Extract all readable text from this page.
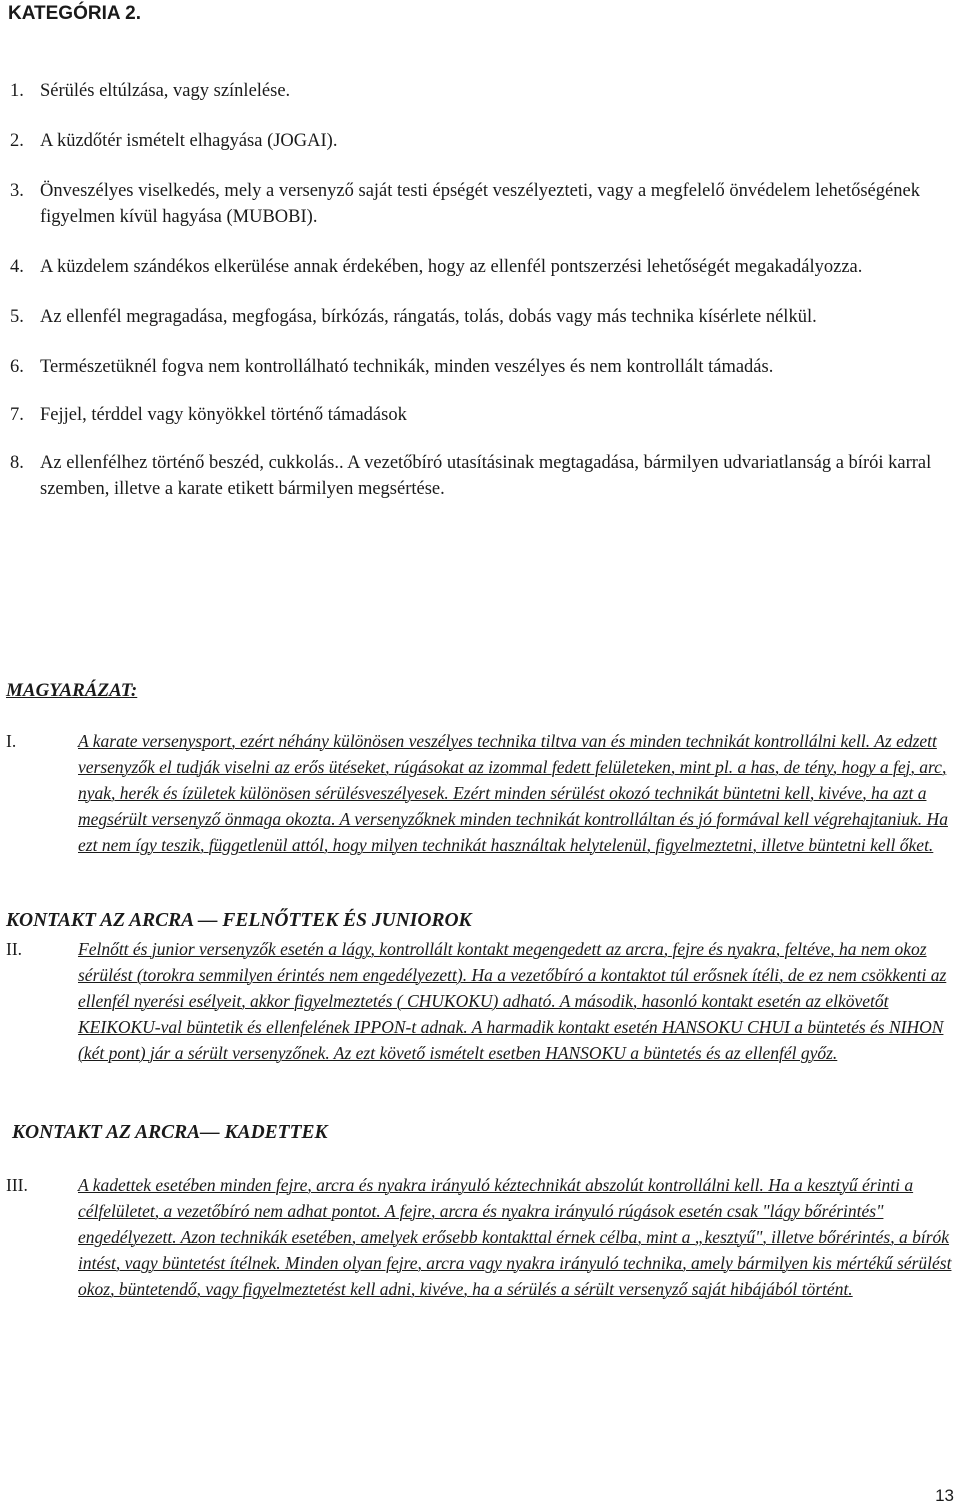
KATEGÓRIA 2.
1. Sérülés eltúlzása, vagy színlelése.
2. A küzdőtér ismételt elhagyása (JOGAI).
3. Önveszélyes viselkedés, mely a versenyző saját testi épségét veszélyezteti, vagy a megfelelő önvédelem lehetőségének figyelmen kívül hagyása (MUBOBI).
4. A küzdelem szándékos elkerülése annak érdekében, hogy az ellenfél pontszerzési lehetőségét megakadályozza.
5. Az ellenfél megragadása, megfogása, bírkózás, rángatás, tolás, dobás vagy más technika kísérlete nélkül.
6. Természetüknél fogva nem kontrollálható technikák, minden veszélyes és nem kontrollált támadás.
7. Fejjel, térddel vagy könyökkel történő támadások
8. Az ellenfélhez történő beszéd, cukkolás.. A vezetőbíró utasításinak megtagadása, bármilyen udvariatlanság a bírói karral szemben, illetve a karate etikett bármilyen megsértése.
MAGYARÁZAT:
I.	A karate versenysport, ezért néhány különösen veszélyes technika tiltva van és minden technikát kontrollálni kell. Az edzett versenyzők el tudják viselni az erős ütéseket, rúgásokat az izommal fedett felületeken, mint pl. a has, de tény, hogy a fej, arc, nyak, herék és ízületek különösen sérülésveszélyesek. Ezért minden sérülést okozó technikát büntetni kell, kivéve, ha azt a megsérült versenyző önmaga okozta. A versenyzőknek minden technikát kontrolláltan és jó formával kell végrehajtaniuk. Ha ezt nem így teszik, függetlenül attól, hogy milyen technikát használtak helytelenül, figyelmeztetni, illetve büntetni kell őket.
KONTAKT AZ ARCRA — FELNŐTTEK ÉS JUNIOROK
II.	Felnőtt és junior versenyzők esetén a lágy, kontrollált kontakt megengedett az arcra, fejre és nyakra, feltéve, ha nem okoz sérülést (torokra semmilyen érintés nem engedélyezett). Ha a vezetőbíró a kontaktot túl erősnek ítéli, de ez nem csökkenti az ellenfél nyerési esélyeit, akkor figyelmeztetés ( CHUKOKU) adható. A második, hasonló kontakt esetén az elkövetőt KEIKOKU-val büntetik és ellenfelének IPPON-t adnak. A harmadik kontakt esetén HANSOKU CHUI a büntetés és NIHON (két pont) jár a sérült versenyzőnek. Az ezt követő ismételt esetben HANSOKU a büntetés és az ellenfél győz.
KONTAKT AZ ARCRA— KADETTEK
III.	A kadettek esetében minden fejre, arcra és nyakra irányuló kéztechnikát abszolút kontrollálni kell. Ha a kesztyű érinti a célfelületet, a vezetőbíró nem adhat pontot. A fejre, arcra és nyakra irányuló rúgások esetén csak "lágy bőrérintés" engedélyezett. Azon technikák esetében, amelyek erősebb kontakttal érnek célba, mint a „kesztyű", illetve bőrérintés, a bírók intést, vagy büntetést ítélnek. Minden olyan fejre, arcra vagy nyakra irányuló technika, amely bármilyen kis mértékű sérülést okoz, büntetendő, vagy figyelmeztetést kell adni, kivéve, ha a sérülés a sérült versenyző saját hibájából történt.
13
